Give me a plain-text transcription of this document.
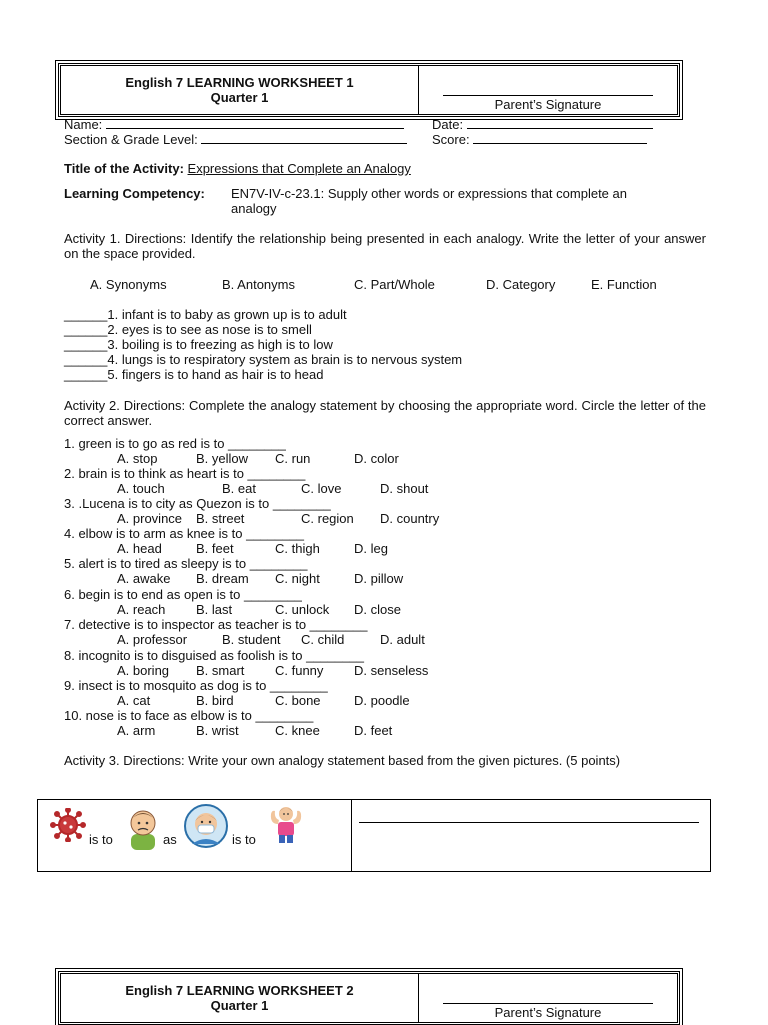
English 7 LEARNING WORKSHEET 1
Quarter 1	Parent’s Signature
Name:	Date:
Section & Grade Level:	Score:
Title of the Activity: Expressions that Complete an Analogy
Learning Competency: EN7V-IV-c-23.1: Supply other words or expressions that complete an
analogy
Activity 1. Directions: Identify the relationship being presented in each analogy. Write the letter of your answer on the space provided.
A. Synonyms	B. Antonyms	C. Part/Whole	D. Category	E. Function
______1. infant is to baby as grown up is to adult
______2. eyes is to see as nose is to smell
______3. boiling is to freezing as high is to low
______4. lungs is to respiratory system as brain is to nervous system
______5. fingers is to hand as hair is to head
Activity 2. Directions: Complete the analogy statement by choosing the appropriate word. Circle the letter of the correct answer.
1. green is to go as red is to ________
A. stop	B. yellow C. run	D. color
2. brain is to think as heart is to ________
A. touch	B. eat	C. love	D. shout
3. .Lucena is to city as Quezon is to ________
A. province B. street	C. region D. country
4. elbow is to arm as knee is to ________
A. head	B. feet	C. thigh	D. leg
5. alert is to tired as sleepy is to ________
A. awake B. dream C. night	D. pillow
6. begin is to end as open is to ________
A. reach B. last	C. unlock D. close
7. detective is to inspector as teacher is to ________
A. professor	B. student C. child	D. adult
8. incognito is to disguised as foolish is to ________
A. boring B. smart C. funny D. senseless
9. insect is to mosquito as dog is to ________
A. cat	B. bird	C. bone	D. poodle
10. nose is to face as elbow is to ________
A. arm	B. wrist	C. knee	D. feet
Activity 3. Directions: Write your own analogy statement based from the given pictures. (5 points)
is to	as	is to
English 7 LEARNING WORKSHEET 2
Quarter 1	Parent’s Signature
